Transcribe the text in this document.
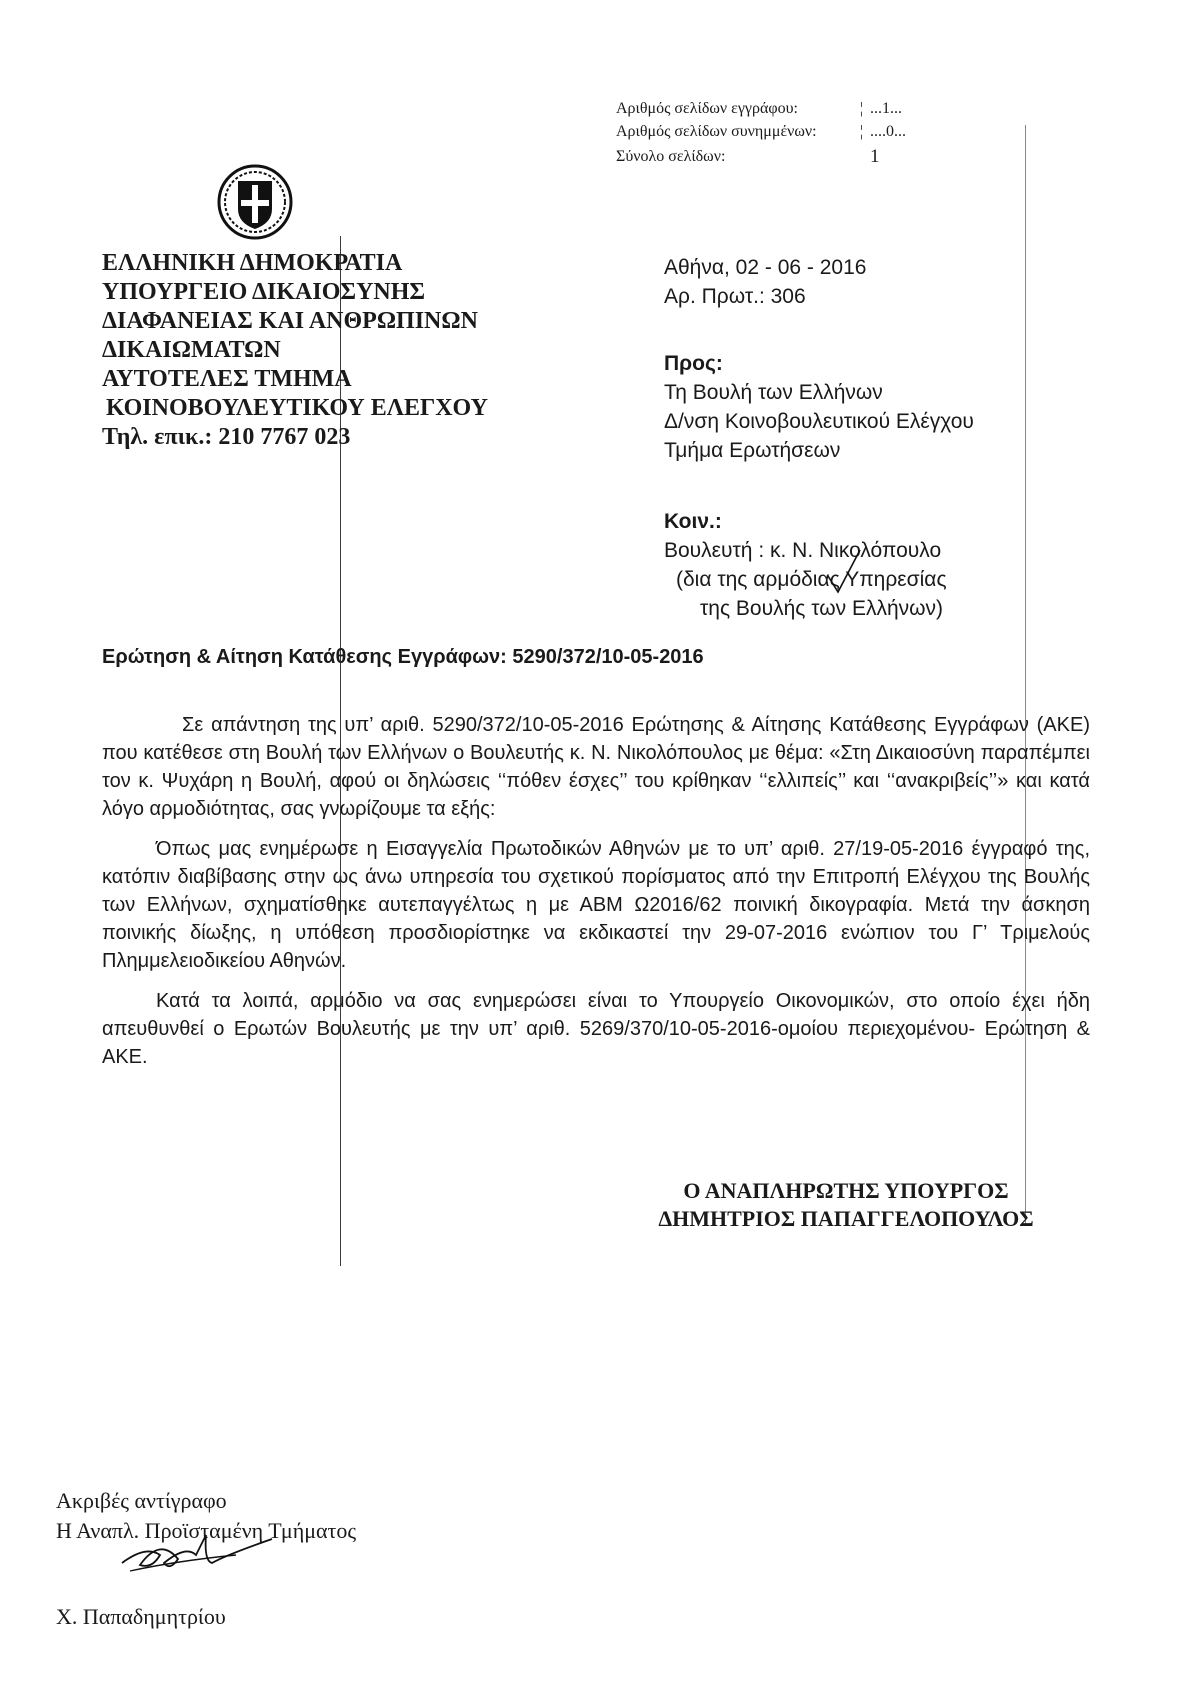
Αριθμός σελίδων εγγράφου:	¦ ...1...
Αριθμός σελίδων συνημμένων:	¦ ....0...
Σύνολο σελίδων:	1
ΕΛΛΗΝΙΚΗ ΔΗΜΟΚΡΑΤΙΑ
ΥΠΟΥΡΓΕΙΟ ΔΙΚΑΙΟΣΥΝΗΣ
ΔΙΑΦΑΝΕΙΑΣ ΚΑΙ ΑΝΘΡΩΠΙΝΩΝ
ΔΙΚΑΙΩΜΑΤΩΝ
ΑΥΤΟΤΕΛΕΣ ΤΜΗΜΑ
ΚΟΙΝΟΒΟΥΛΕΥΤΙΚΟΥ ΕΛΕΓΧΟΥ
Τηλ. επικ.: 210 7767 023
Αθήνα, 02 - 06 - 2016
Αρ. Πρωτ.: 306
Προς:
Τη Βουλή των Ελλήνων
Δ/νση Κοινοβουλευτικού Ελέγχου
Τμήμα Ερωτήσεων
Κοιν.:
Βουλευτή : κ. Ν. Νικολόπουλο
(δια της αρμόδιας Υπηρεσίας
της Βουλής των Ελλήνων)
Ερώτηση & Αίτηση Κατάθεσης Εγγράφων: 5290/372/10-05-2016

Σε απάντηση της υπ’ αριθ. 5290/372/10-05-2016 Ερώτησης & Αίτησης Κατάθεσης Εγγράφων (ΑΚΕ) που κατέθεσε στη Βουλή των Ελλήνων ο Βουλευτής κ. Ν. Νικολόπουλος με θέμα: «Στη Δικαιοσύνη παραπέμπει τον κ. Ψυχάρη η Βουλή, αφού οι δηλώσεις ‘‘πόθεν έσχες’’ του κρίθηκαν ‘‘ελλιπείς’’ και ‘‘ανακριβείς’’» και κατά λόγο αρμοδιότητας, σας γνωρίζουμε τα εξής:

Όπως μας ενημέρωσε η Εισαγγελία Πρωτοδικών Αθηνών με το υπ’ αριθ. 27/19-05-2016 έγγραφό της, κατόπιν διαβίβασης στην ως άνω υπηρεσία του σχετικού πορίσματος από την Επιτροπή Ελέγχου της Βουλής των Ελλήνων, σχηματίσθηκε αυτεπαγγέλτως η με ΑΒΜ Ω2016/62 ποινική δικογραφία. Μετά την άσκηση ποινικής δίωξης, η υπόθεση προσδιορίστηκε να εκδικαστεί την 29-07-2016 ενώπιον του Γ’ Τριμελούς Πλημμελειοδικείου Αθηνών.

Κατά τα λοιπά, αρμόδιο να σας ενημερώσει είναι το Υπουργείο Οικονομικών, στο οποίο έχει ήδη απευθυνθεί ο Ερωτών Βουλευτής με την υπ’ αριθ. 5269/370/10-05-2016-ομοίου περιεχομένου- Ερώτηση & ΑΚΕ.

Ο ΑΝΑΠΛΗΡΩΤΗΣ ΥΠΟΥΡΓΟΣ
ΔΗΜΗΤΡΙΟΣ ΠΑΠΑΓΓΕΛΟΠΟΥΛΟΣ
Ακριβές αντίγραφο
Η Αναπλ. Προϊσταμένη Τμήματος
Χ. Παπαδημητρίου
